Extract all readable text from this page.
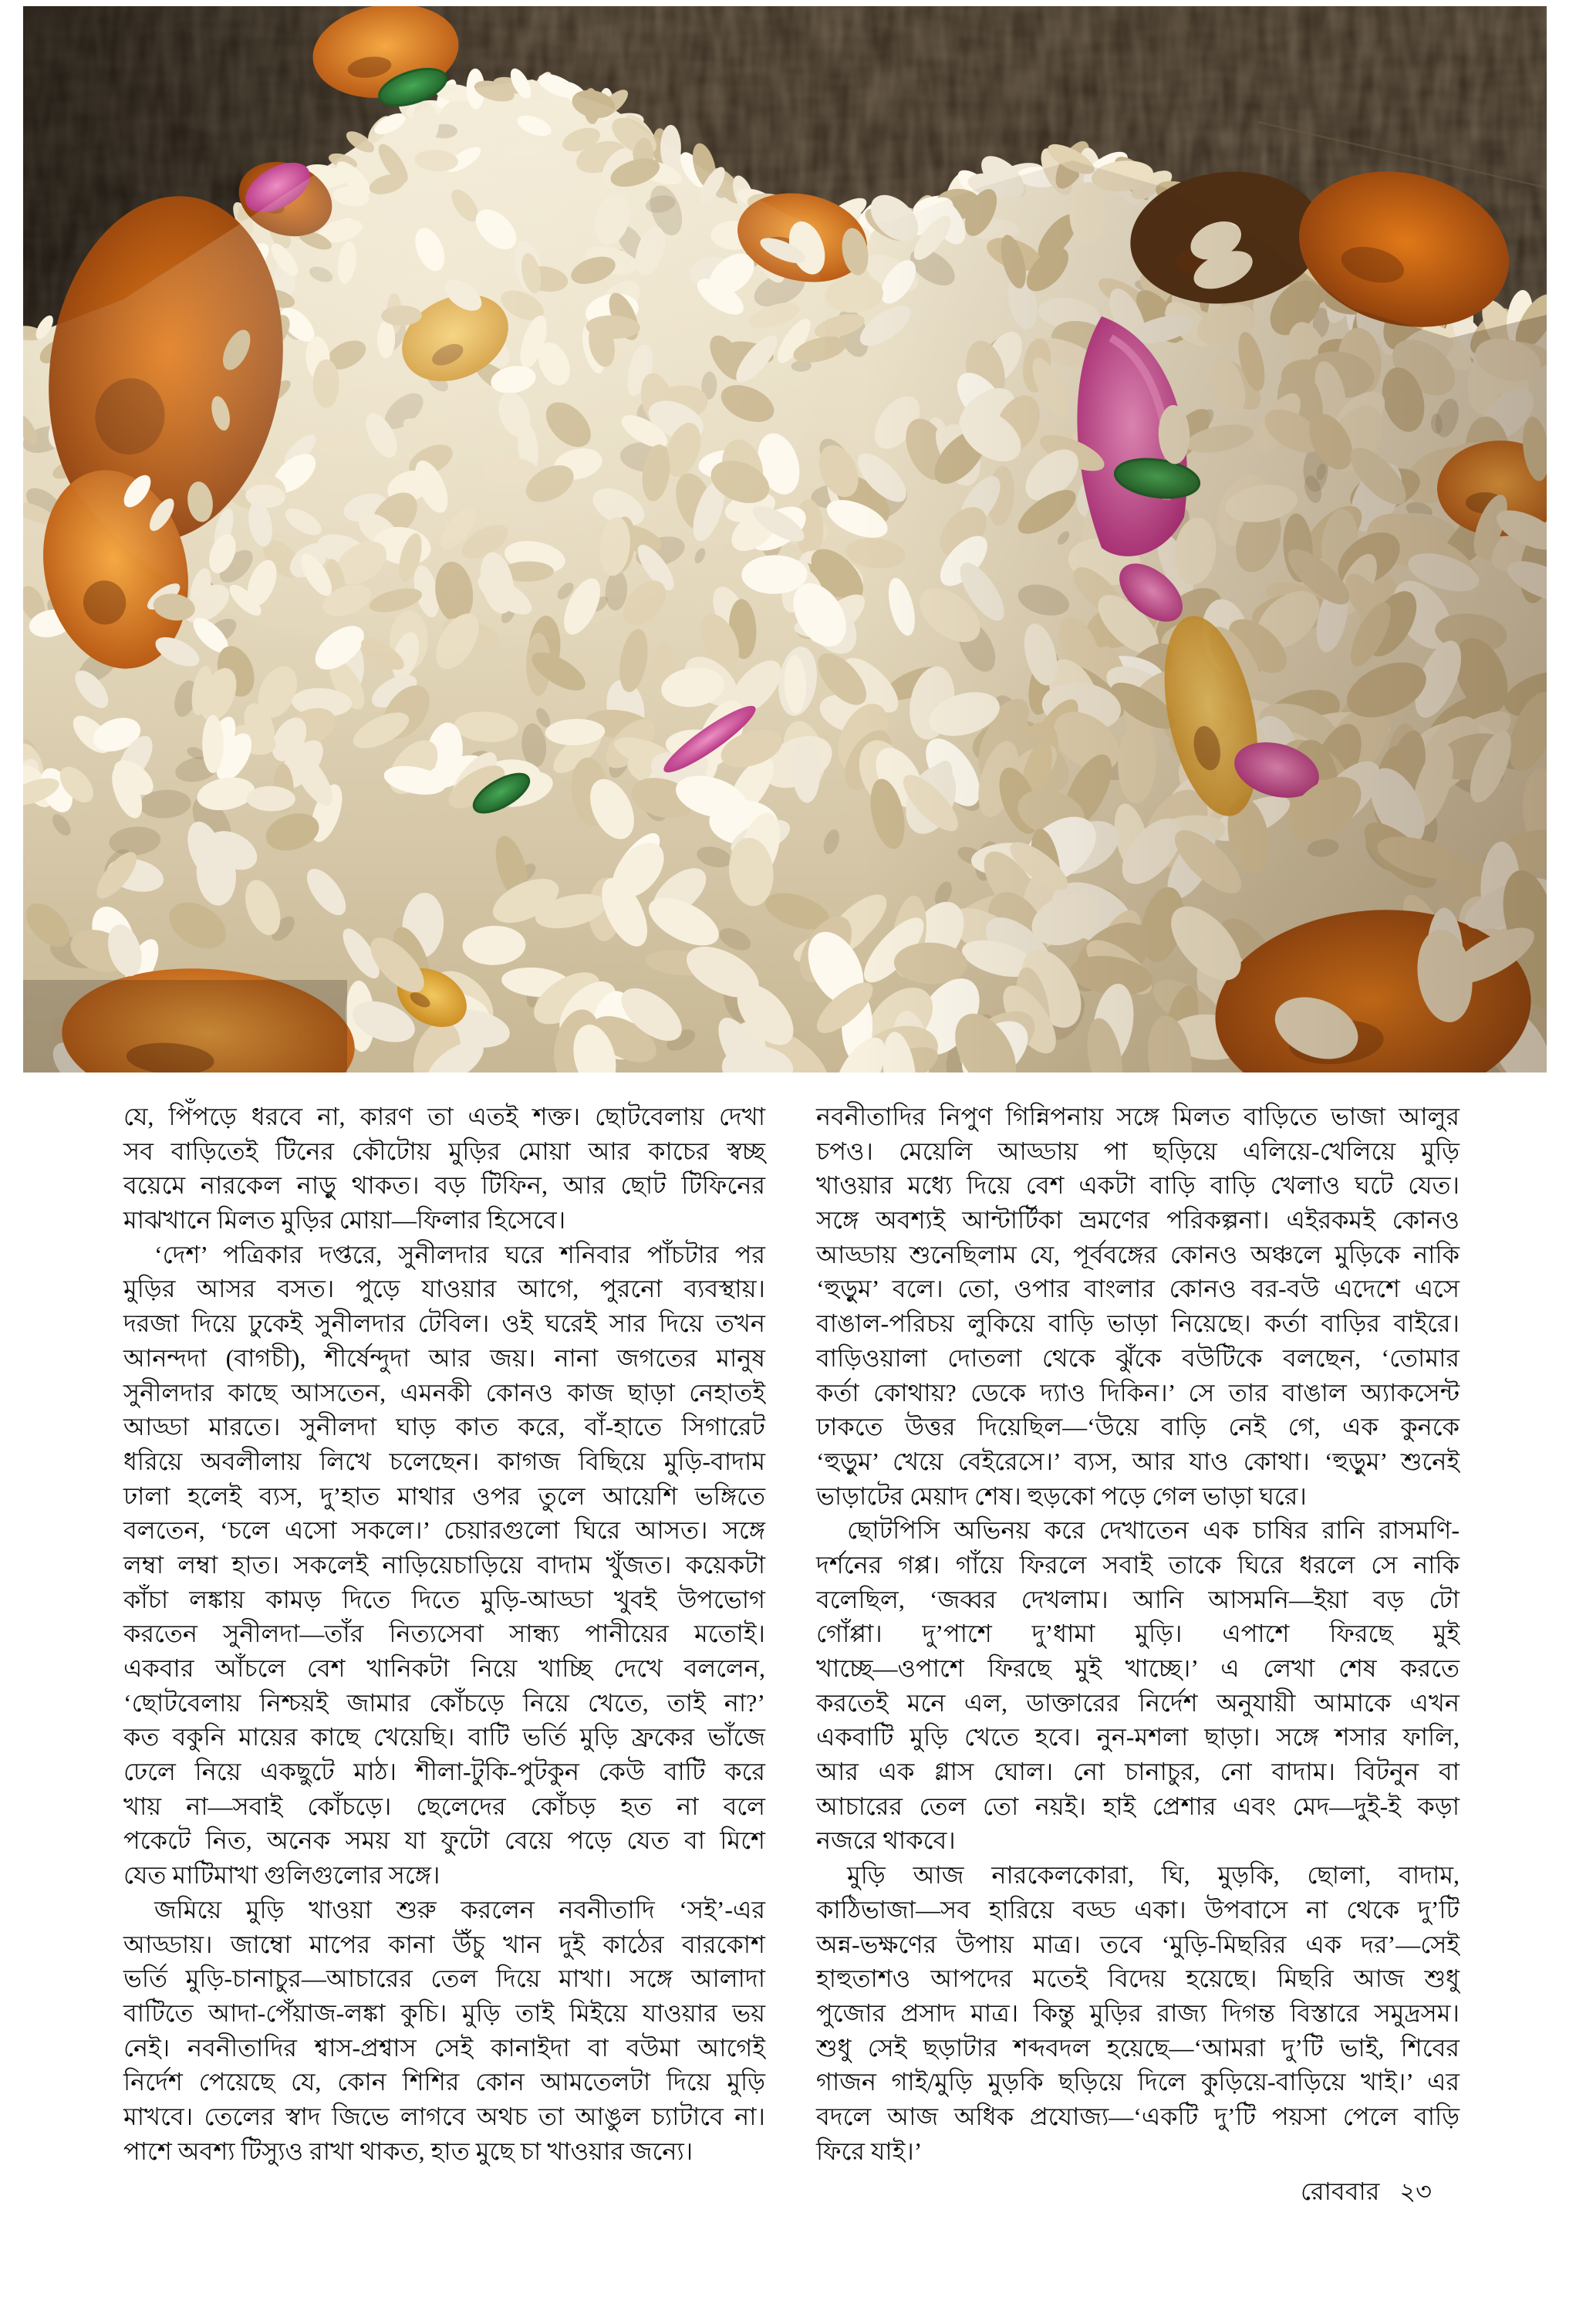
যে, পিঁপড়ে ধরবে না, কারণ তা এতই শক্ত। ছোটবেলায় দেখা
সব বাড়িতেই টিনের কৌটোয় মুড়ির মোয়া আর কাচের স্বচ্ছ
বয়েমে নারকেল নাড়ু থাকত। বড় টিফিন, আর ছোট টিফিনের
মাঝখানে মিলত মুড়ির মোয়া—ফিলার হিসেবে।
‘দেশ’ পত্রিকার দপ্তরে, সুনীলদার ঘরে শনিবার পাঁচটার পর
মুড়ির আসর বসত। পুড়ে যাওয়ার আগে, পুরনো ব্যবস্থায়।
দরজা দিয়ে ঢুকেই সুনীলদার টেবিল। ওই ঘরেই সার দিয়ে তখন
আনন্দদা (বাগচী), শীর্ষেন্দুদা আর জয়। নানা জগতের মানুষ
সুনীলদার কাছে আসতেন, এমনকী কোনও কাজ ছাড়া নেহাতই
আড্ডা মারতে। সুনীলদা ঘাড় কাত করে, বাঁ-হাতে সিগারেট
ধরিয়ে অবলীলায় লিখে চলেছেন। কাগজ বিছিয়ে মুড়ি-বাদাম
ঢালা হলেই ব্যস, দু’হাত মাথার ওপর তুলে আয়েশি ভঙ্গিতে
বলতেন, ‘চলে এসো সকলে।’ চেয়ারগুলো ঘিরে আসত। সঙ্গে
লম্বা লম্বা হাত। সকলেই নাড়িয়েচাড়িয়ে বাদাম খুঁজত। কয়েকটা
কাঁচা লঙ্কায় কামড় দিতে দিতে মুড়ি-আড্ডা খুবই উপভোগ
করতেন সুনীলদা—তাঁর নিত্যসেবা সান্ধ্য পানীয়ের মতোই।
একবার আঁচলে বেশ খানিকটা নিয়ে খাচ্ছি দেখে বললেন,
‘ছোটবেলায় নিশ্চয়ই জামার কোঁচড়ে নিয়ে খেতে, তাই না?’
কত বকুনি মায়ের কাছে খেয়েছি। বাটি ভর্তি মুড়ি ফ্রকের ভাঁজে
ঢেলে নিয়ে একছুটে মাঠ। শীলা-টুকি-পুটকুন কেউ বাটি করে
খায় না—সবাই কোঁচড়ে। ছেলেদের কোঁচড় হত না বলে
পকেটে নিত, অনেক সময় যা ফুটো বেয়ে পড়ে যেত বা মিশে
যেত মাটিমাখা গুলিগুলোর সঙ্গে।
জমিয়ে মুড়ি খাওয়া শুরু করলেন নবনীতাদি ‘সই’-এর
আড্ডায়। জাম্বো মাপের কানা উঁচু খান দুই কাঠের বারকোশ
ভর্তি মুড়ি-চানাচুর—আচারের তেল দিয়ে মাখা। সঙ্গে আলাদা
বাটিতে আদা-পেঁয়াজ-লঙ্কা কুচি। মুড়ি তাই মিইয়ে যাওয়ার ভয়
নেই। নবনীতাদির শ্বাস-প্রশ্বাস সেই কানাইদা বা বউমা আগেই
নির্দেশ পেয়েছে যে, কোন শিশির কোন আমতেলটা দিয়ে মুড়ি
মাখবে। তেলের স্বাদ জিভে লাগবে অথচ তা আঙুল চ্যাটাবে না।
পাশে অবশ্য টিস্যুও রাখা থাকত, হাত মুছে চা খাওয়ার জন্যে।
নবনীতাদির নিপুণ গিন্নিপনায় সঙ্গে মিলত বাড়িতে ভাজা আলুর
চপও। মেয়েলি আড্ডায় পা ছড়িয়ে এলিয়ে-খেলিয়ে মুড়ি
খাওয়ার মধ্যে দিয়ে বেশ একটা বাড়ি বাড়ি খেলাও ঘটে যেত।
সঙ্গে অবশ্যই আন্টার্টিকা ভ্রমণের পরিকল্পনা। এইরকমই কোনও
আড্ডায় শুনেছিলাম যে, পূর্ববঙ্গের কোনও অঞ্চলে মুড়িকে নাকি
‘হুড়ুম’ বলে। তো, ওপার বাংলার কোনও বর-বউ এদেশে এসে
বাঙাল-পরিচয় লুকিয়ে বাড়ি ভাড়া নিয়েছে। কর্তা বাড়ির বাইরে।
বাড়িওয়ালা দোতলা থেকে ঝুঁকে বউটিকে বলছেন, ‘তোমার
কর্তা কোথায়? ডেকে দ্যাও দিকিন।’ সে তার বাঙাল অ্যাকসেন্ট
ঢাকতে উত্তর দিয়েছিল—‘উয়ে বাড়ি নেই গে, এক কুনকে
‘হুড়ুম’ খেয়ে বেইরেসে।’ ব্যস, আর যাও কোথা। ‘হুড়ুম’ শুনেই
ভাড়াটের মেয়াদ শেষ। হুড়কো পড়ে গেল ভাড়া ঘরে।
ছোটপিসি অভিনয় করে দেখাতেন এক চাষির রানি রাসমণি-
দর্শনের গপ্প। গাঁয়ে ফিরলে সবাই তাকে ঘিরে ধরলে সে নাকি
বলেছিল, ‘জব্বর দেখলাম। আনি আসমনি—ইয়া বড় টো
গোঁপ্পা। দু’পাশে দু’ধামা মুড়ি। এপাশে ফিরছে মুই
খাচ্ছে—ওপাশে ফিরছে মুই খাচ্ছে।’ এ লেখা শেষ করতে
করতেই মনে এল, ডাক্তারের নির্দেশ অনুযায়ী আমাকে এখন
একবাটি মুড়ি খেতে হবে। নুন-মশলা ছাড়া। সঙ্গে শসার ফালি,
আর এক গ্লাস ঘোল। নো চানাচুর, নো বাদাম। বিটনুন বা
আচারের তেল তো নয়ই। হাই প্রেশার এবং মেদ—দুই-ই কড়া
নজরে থাকবে।
মুড়ি আজ নারকেলকোরা, ঘি, মুড়কি, ছোলা, বাদাম,
কাঠিভাজা—সব হারিয়ে বড্ড একা। উপবাসে না থেকে দু’টি
অন্ন-ভক্ষণের উপায় মাত্র। তবে ‘মুড়ি-মিছরির এক দর’—সেই
হাহুতাশও আপদের মতেই বিদেয় হয়েছে। মিছরি আজ শুধু
পুজোর প্রসাদ মাত্র। কিন্তু মুড়ির রাজ্য দিগন্ত বিস্তারে সমুদ্রসম।
শুধু সেই ছড়াটার শব্দবদল হয়েছে—‘আমরা দু’টি ভাই, শিবের
গাজন গাই/মুড়ি মুড়কি ছড়িয়ে দিলে কুড়িয়ে-বাড়িয়ে খাই।’ এর
বদলে আজ অধিক প্রযোজ্য—‘একটি দু’টি পয়সা পেলে বাড়ি
ফিরে যাই।’
রোববার ২৩
